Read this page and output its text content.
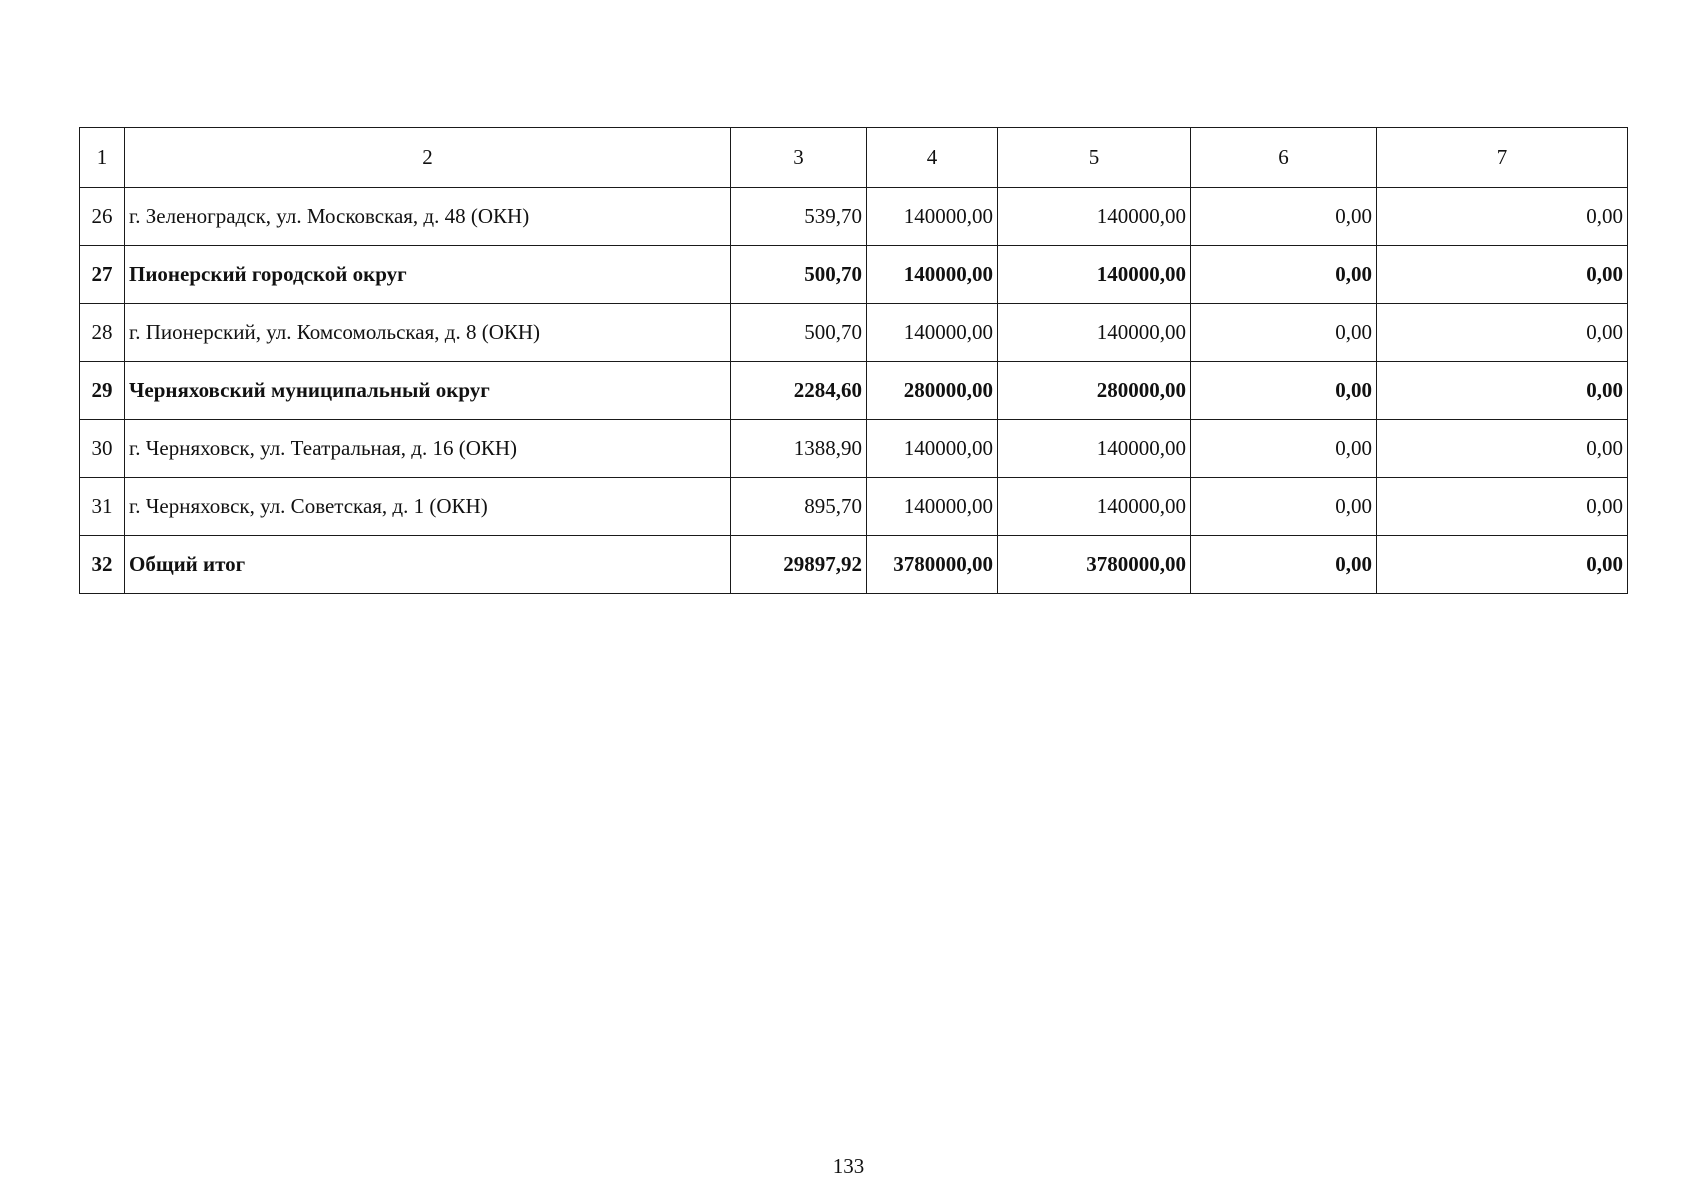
1	2	3	4	5	6	7
26	г. Зеленоградск, ул. Московская, д. 48 (ОКН)	539,70	140000,00	140000,00	0,00	0,00
27	Пионерский городской округ	500,70	140000,00	140000,00	0,00	0,00
28	г. Пионерский, ул. Комсомольская, д. 8 (ОКН)	500,70	140000,00	140000,00	0,00	0,00
29	Черняховский муниципальный округ	2284,60	280000,00	280000,00	0,00	0,00
30	г. Черняховск, ул. Театральная, д. 16 (ОКН)	1388,90	140000,00	140000,00	0,00	0,00
31	г. Черняховск, ул. Советская, д. 1 (ОКН)	895,70	140000,00	140000,00	0,00	0,00
32	Общий итог	29897,92	3780000,00	3780000,00	0,00	0,00
133
